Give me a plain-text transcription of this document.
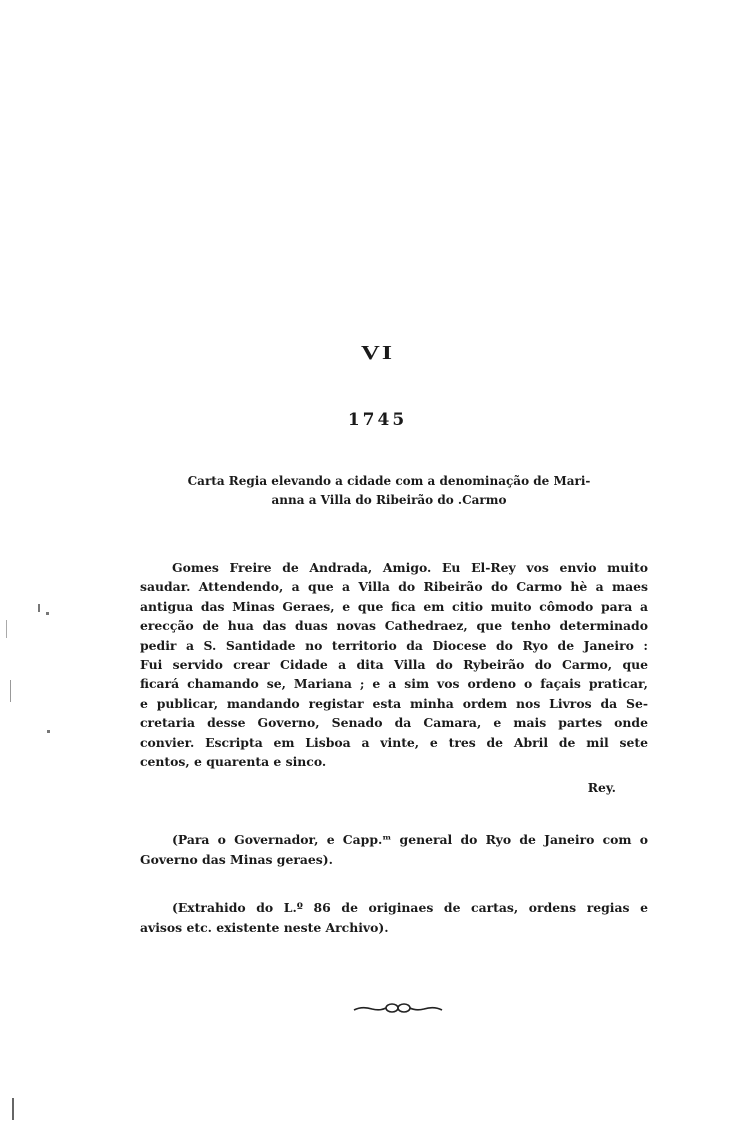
VI
1745
Carta Regia elevando a cidade com a denominação de Mari-
anna a Villa do Ribeirão do .Carmo
Gomes Freire de Andrada, Amigo. Eu El-Rey vos envio muito
saudar. Attendendo, a que a Villa do Ribeirão do Carmo hè a maes
antigua das Minas Geraes, e que fica em citio muito cômodo para a
erecção de hua das duas novas Cathedraez, que tenho determinado
pedir a S. Santidade no territorio da Diocese do Ryo de Janeiro :
Fui servido crear Cidade a dita Villa do Rybeirão do Carmo, que
ficará chamando se, Mariana ; e a sim vos ordeno o façais praticar,
e publicar, mandando registar esta minha ordem nos Livros da Se-
cretaria desse Governo, Senado da Camara, e mais partes onde
convier. Escripta em Lisboa a vinte, e tres de Abril de mil sete
centos, e quarenta e sinco.
Rey.
(Para o Governador, e Capp.ᵐ general do Ryo de Janeiro com o
Governo das Minas geraes).
(Extrahido do L.º 86 de originaes de cartas, ordens regias e
avisos etc. existente neste Archivo).
